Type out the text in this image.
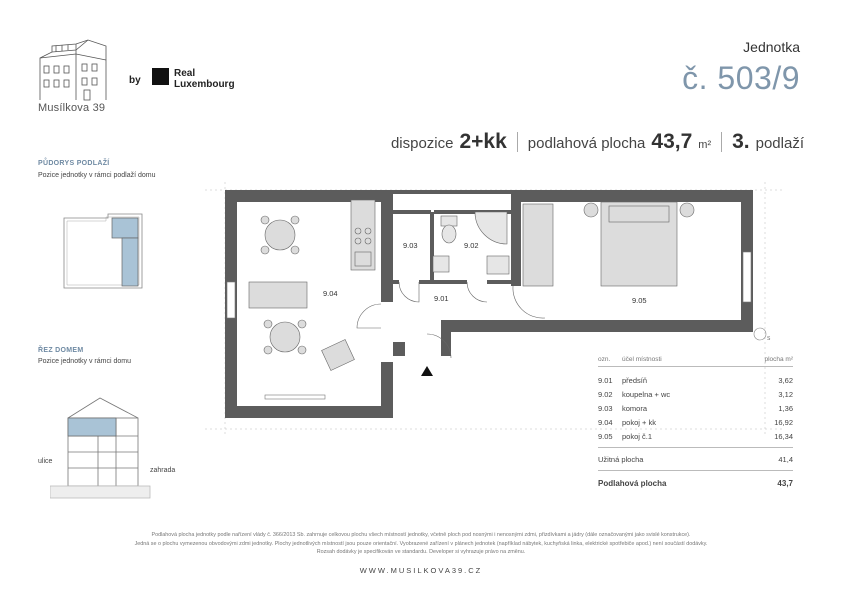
Musílkova 39
by
Real
Luxembourg
Jednotka
č. 503/9
dispozice 2+kk podlahová plocha 43,7 m² 3. podlaží
PŮDORYS PODLAŽÍ
Pozice jednotky v rámci podlaží domu
ŘEZ DOMEM
Pozice jednotky v rámci domu
ulice
zahrada
9.04
9.03	9.02
9.01	9.05
S
ozn.	účel místnosti	plocha m²
9.01	předsíň	3,62
9.02	koupelna + wc	3,12
9.03	komora	1,36
9.04	pokoj + kk	16,92
9.05	pokoj č.1	16,34
Užitná plocha	41,4
Podlahová plocha	43,7
Podlahová plocha jednotky podle nařízení vlády č. 366/2013 Sb. zahrnuje celkovou plochu všech místností jednotky, včetně ploch pod nosnými i nenosnými zdmi, přizdívkami a jádry (dále označovanými jako svislé konstrukce).
Jedná se o plochu vymezenou obvodovými zdmi jednotky. Plochy jednotlivých místností jsou pouze orientační. Vyobrazené zařízení v plánech jednotek (například nábytek, kuchyňská linka, elektrické spotřebiče apod.) není součástí dodávky.
Rozsah dodávky je specifikován ve standardu. Developer si vyhrazuje právo na změnu.
WWW.MUSILKOVA39.CZ
